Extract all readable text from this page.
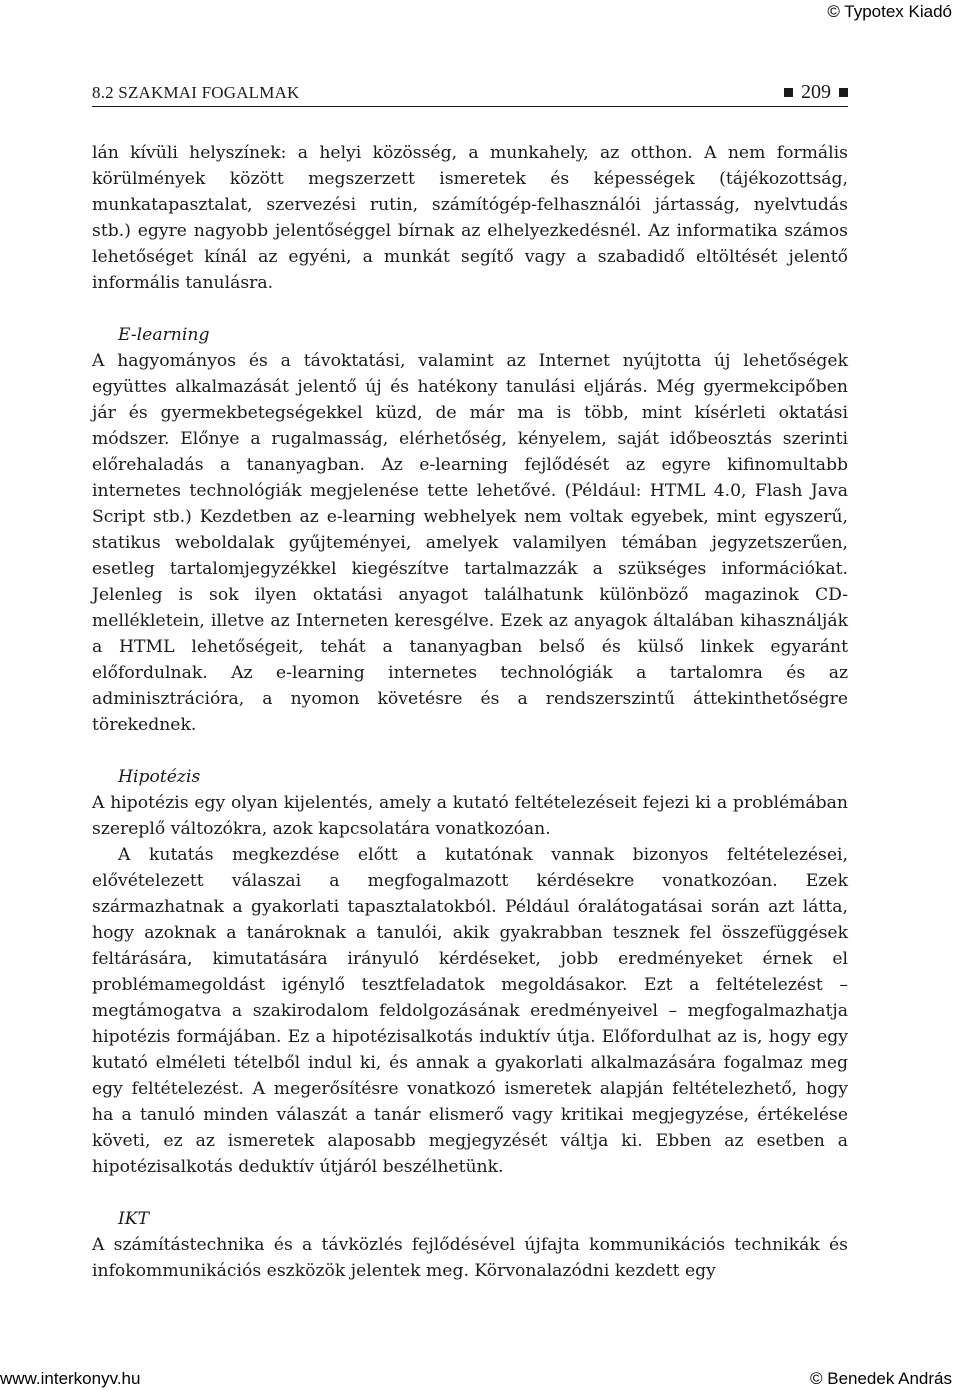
© Typotex Kiadó
8.2 SZAKMAI FOGALMAK	209

lán kívüli helyszínek: a helyi közösség, a munkahely, az otthon. A nem formális körülmények között megszerzett ismeretek és képességek (tájékozottság, munkatapasztalat, szervezési rutin, számítógép-felhasználói jártasság, nyelvtudás stb.) egyre nagyobb jelentőséggel bírnak az elhelyezkedésnél. Az informatika számos lehetőséget kínál az egyéni, a munkát segítő vagy a szabadidő eltöltését jelentő informális tanulásra.

E-learning

A hagyományos és a távoktatási, valamint az Internet nyújtotta új lehetőségek együttes alkalmazását jelentő új és hatékony tanulási eljárás. Még gyermekcipőben jár és gyermekbetegségekkel küzd, de már ma is több, mint kísérleti oktatási módszer. Előnye a rugalmasság, elérhetőség, kényelem, saját időbeosztás szerinti előrehaladás a tananyagban. Az e-learning fejlődését az egyre kifinomultabb internetes technológiák megjelenése tette lehetővé. (Például: HTML 4.0, Flash Java Script stb.) Kezdetben az e-learning webhelyek nem voltak egyebek, mint egyszerű, statikus weboldalak gyűjteményei, amelyek valamilyen témában jegyzetszerűen, esetleg tartalomjegyzékkel kiegészítve tartalmazzák a szükséges információkat. Jelenleg is sok ilyen oktatási anyagot találhatunk különböző magazinok CD-mellékletein, illetve az Interneten keresgélve. Ezek az anyagok általában kihasználják a HTML lehetőségeit, tehát a tananyagban belső és külső linkek egyaránt előfordulnak. Az e-learning internetes technológiák a tartalomra és az adminisztrációra, a nyomon követésre és a rendszerszintű áttekinthetőségre törekednek.

Hipotézis

A hipotézis egy olyan kijelentés, amely a kutató feltételezéseit fejezi ki a problémában szereplő változókra, azok kapcsolatára vonatkozóan.

A kutatás megkezdése előtt a kutatónak vannak bizonyos feltételezései, elővételezett válaszai a megfogalmazott kérdésekre vonatkozóan. Ezek származhatnak a gyakorlati tapasztalatokból. Például óralátogatásai során azt látta, hogy azoknak a tanároknak a tanulói, akik gyakrabban tesznek fel összefüggések feltárására, kimutatására irányuló kérdéseket, jobb eredményeket érnek el problémamegoldást igénylő tesztfeladatok megoldásakor. Ezt a feltételezést – megtámogatva a szakirodalom feldolgozásának eredményeivel – megfogalmazhatja hipotézis formájában. Ez a hipotézisalkotás induktív útja. Előfordulhat az is, hogy egy kutató elméleti tételből indul ki, és annak a gyakorlati alkalmazására fogalmaz meg egy feltételezést. A megerősítésre vonatkozó ismeretek alapján feltételezhető, hogy ha a tanuló minden válaszát a tanár elismerő vagy kritikai megjegyzése, értékelése követi, ez az ismeretek alaposabb megjegyzését váltja ki. Ebben az esetben a hipotézisalkotás deduktív útjáról beszélhetünk.

IKT

A számítástechnika és a távközlés fejlődésével újfajta kommunikációs technikák és infokommunikációs eszközök jelentek meg. Körvonalazódni kezdett egy

www.interkonyv.hu	© Benedek András
